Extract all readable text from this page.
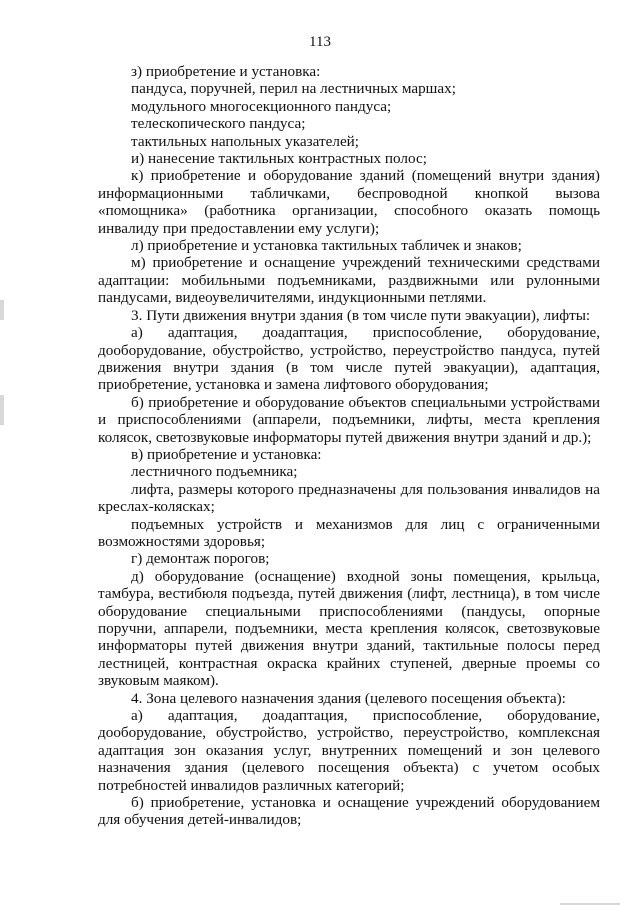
113

з) приобретение и установка:

пандуса, поручней, перил на лестничных маршах;

модульного многосекционного пандуса;

телескопического пандуса;

тактильных напольных указателей;

и) нанесение тактильных контрастных полос;

к) приобретение и оборудование зданий (помещений внутри здания) информационными табличками, беспроводной кнопкой вызова «помощника» (работника организации, способного оказать помощь инвалиду при предоставлении ему услуги);

л) приобретение и установка тактильных табличек и знаков;

м) приобретение и оснащение учреждений техническими средствами адаптации: мобильными подъемниками, раздвижными или рулонными пандусами, видеоувеличителями, индукционными петлями.

3. Пути движения внутри здания (в том числе пути эвакуации), лифты:

а) адаптация, доадаптация, приспособление, оборудование, дооборудование, обустройство, устройство, переустройство пандуса, путей движения внутри здания (в том числе путей эвакуации), адаптация, приобретение, установка и замена лифтового оборудования;

б) приобретение и оборудование объектов специальными устройствами и приспособлениями (аппарели, подъемники, лифты, места крепления колясок, светозвуковые информаторы путей движения внутри зданий и др.);

в) приобретение и установка:

лестничного подъемника;

лифта, размеры которого предназначены для пользования инвалидов на креслах-колясках;

подъемных устройств и механизмов для лиц с ограниченными возможностями здоровья;

г) демонтаж порогов;

д) оборудование (оснащение) входной зоны помещения, крыльца, тамбура, вестибюля подъезда, путей движения (лифт, лестница), в том числе оборудование специальными приспособлениями (пандусы, опорные поручни, аппарели, подъемники, места крепления колясок, светозвуковые информаторы путей движения внутри зданий, тактильные полосы перед лестницей, контрастная окраска крайних ступеней, дверные проемы со звуковым маяком).

4. Зона целевого назначения здания (целевого посещения объекта):

а) адаптация, доадаптация, приспособление, оборудование, дооборудование, обустройство, устройство, переустройство, комплексная адаптация зон оказания услуг, внутренних помещений и зон целевого назначения здания (целевого посещения объекта) с учетом особых потребностей инвалидов различных категорий;

б) приобретение, установка и оснащение учреждений оборудованием для обучения детей-инвалидов;
